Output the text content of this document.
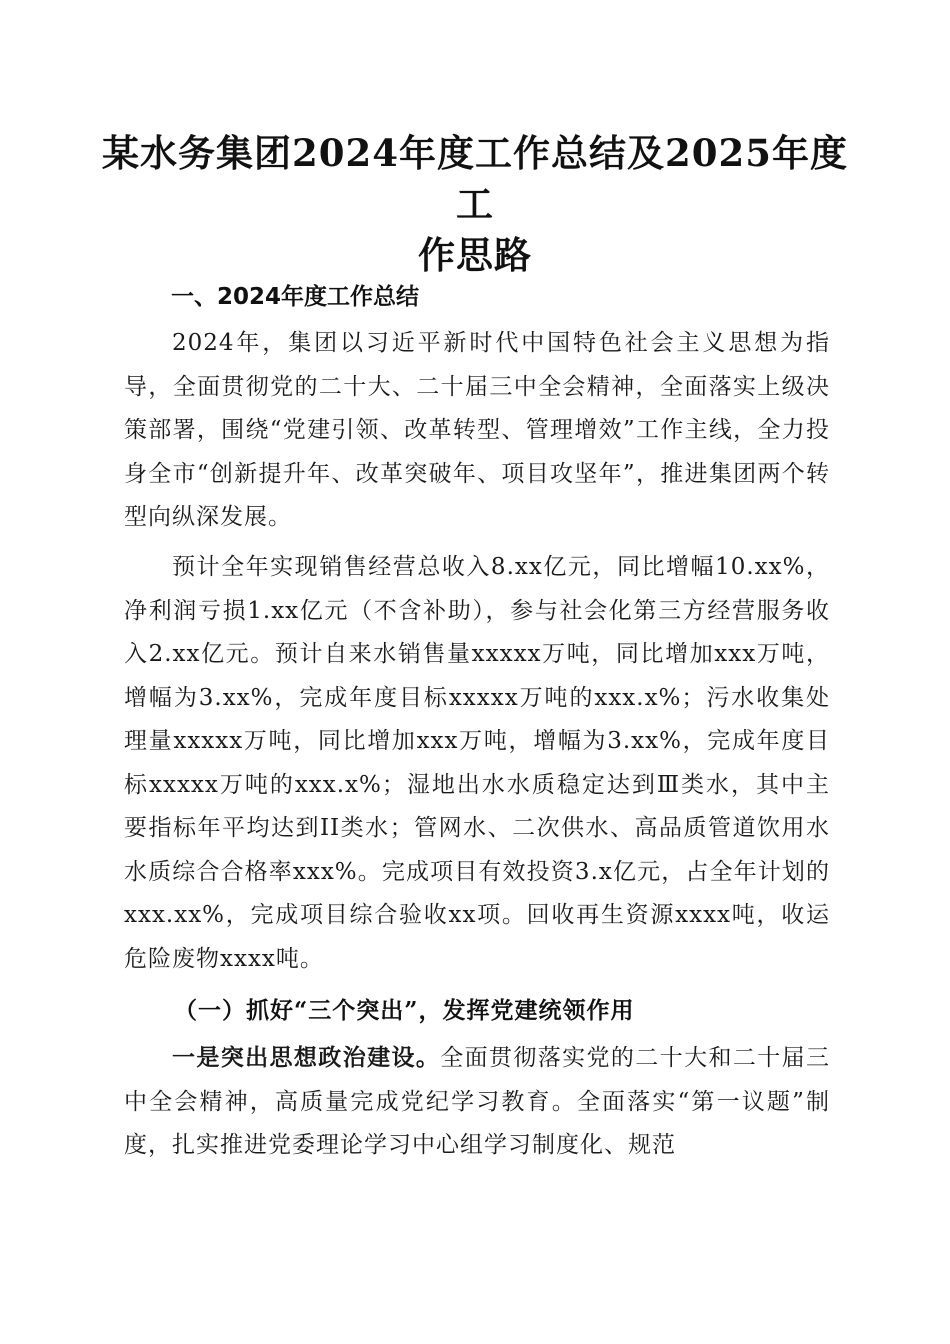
某水务集团2024年度工作总结及2025年度工
作思路
一、2024年度工作总结

2024年，集团以习近平新时代中国特色社会主义思想为指导，全面贯彻党的二十大、二十届三中全会精神，全面落实上级决策部署，围绕“党建引领、改革转型、管理增效”工作主线，全力投身全市“创新提升年、改革突破年、项目攻坚年”，推进集团两个转型向纵深发展。

预计全年实现销售经营总收入8.xx亿元，同比增幅10.xx%，净利润亏损1.xx亿元（不含补助），参与社会化第三方经营服务收入2.xx亿元。预计自来水销售量xxxxx万吨，同比增加xxx万吨，增幅为3.xx%，完成年度目标xxxxx万吨的xxx.x%；污水收集处理量xxxxx万吨，同比增加xxx万吨，增幅为3.xx%，完成年度目标xxxxx万吨的xxx.x%；湿地出水水质稳定达到Ⅲ类水，其中主要指标年平均达到II类水；管网水、二次供水、高品质管道饮用水水质综合合格率xxx%。完成项目有效投资3.x亿元，占全年计划的xxx.xx%，完成项目综合验收xx项。回收再生资源xxxx吨，收运危险废物xxxx吨。

（一）抓好“三个突出”，发挥党建统领作用

一是突出思想政治建设。全面贯彻落实党的二十大和二十届三中全会精神，高质量完成党纪学习教育。全面落实“第一议题”制度，扎实推进党委理论学习中心组学习制度化、规范
